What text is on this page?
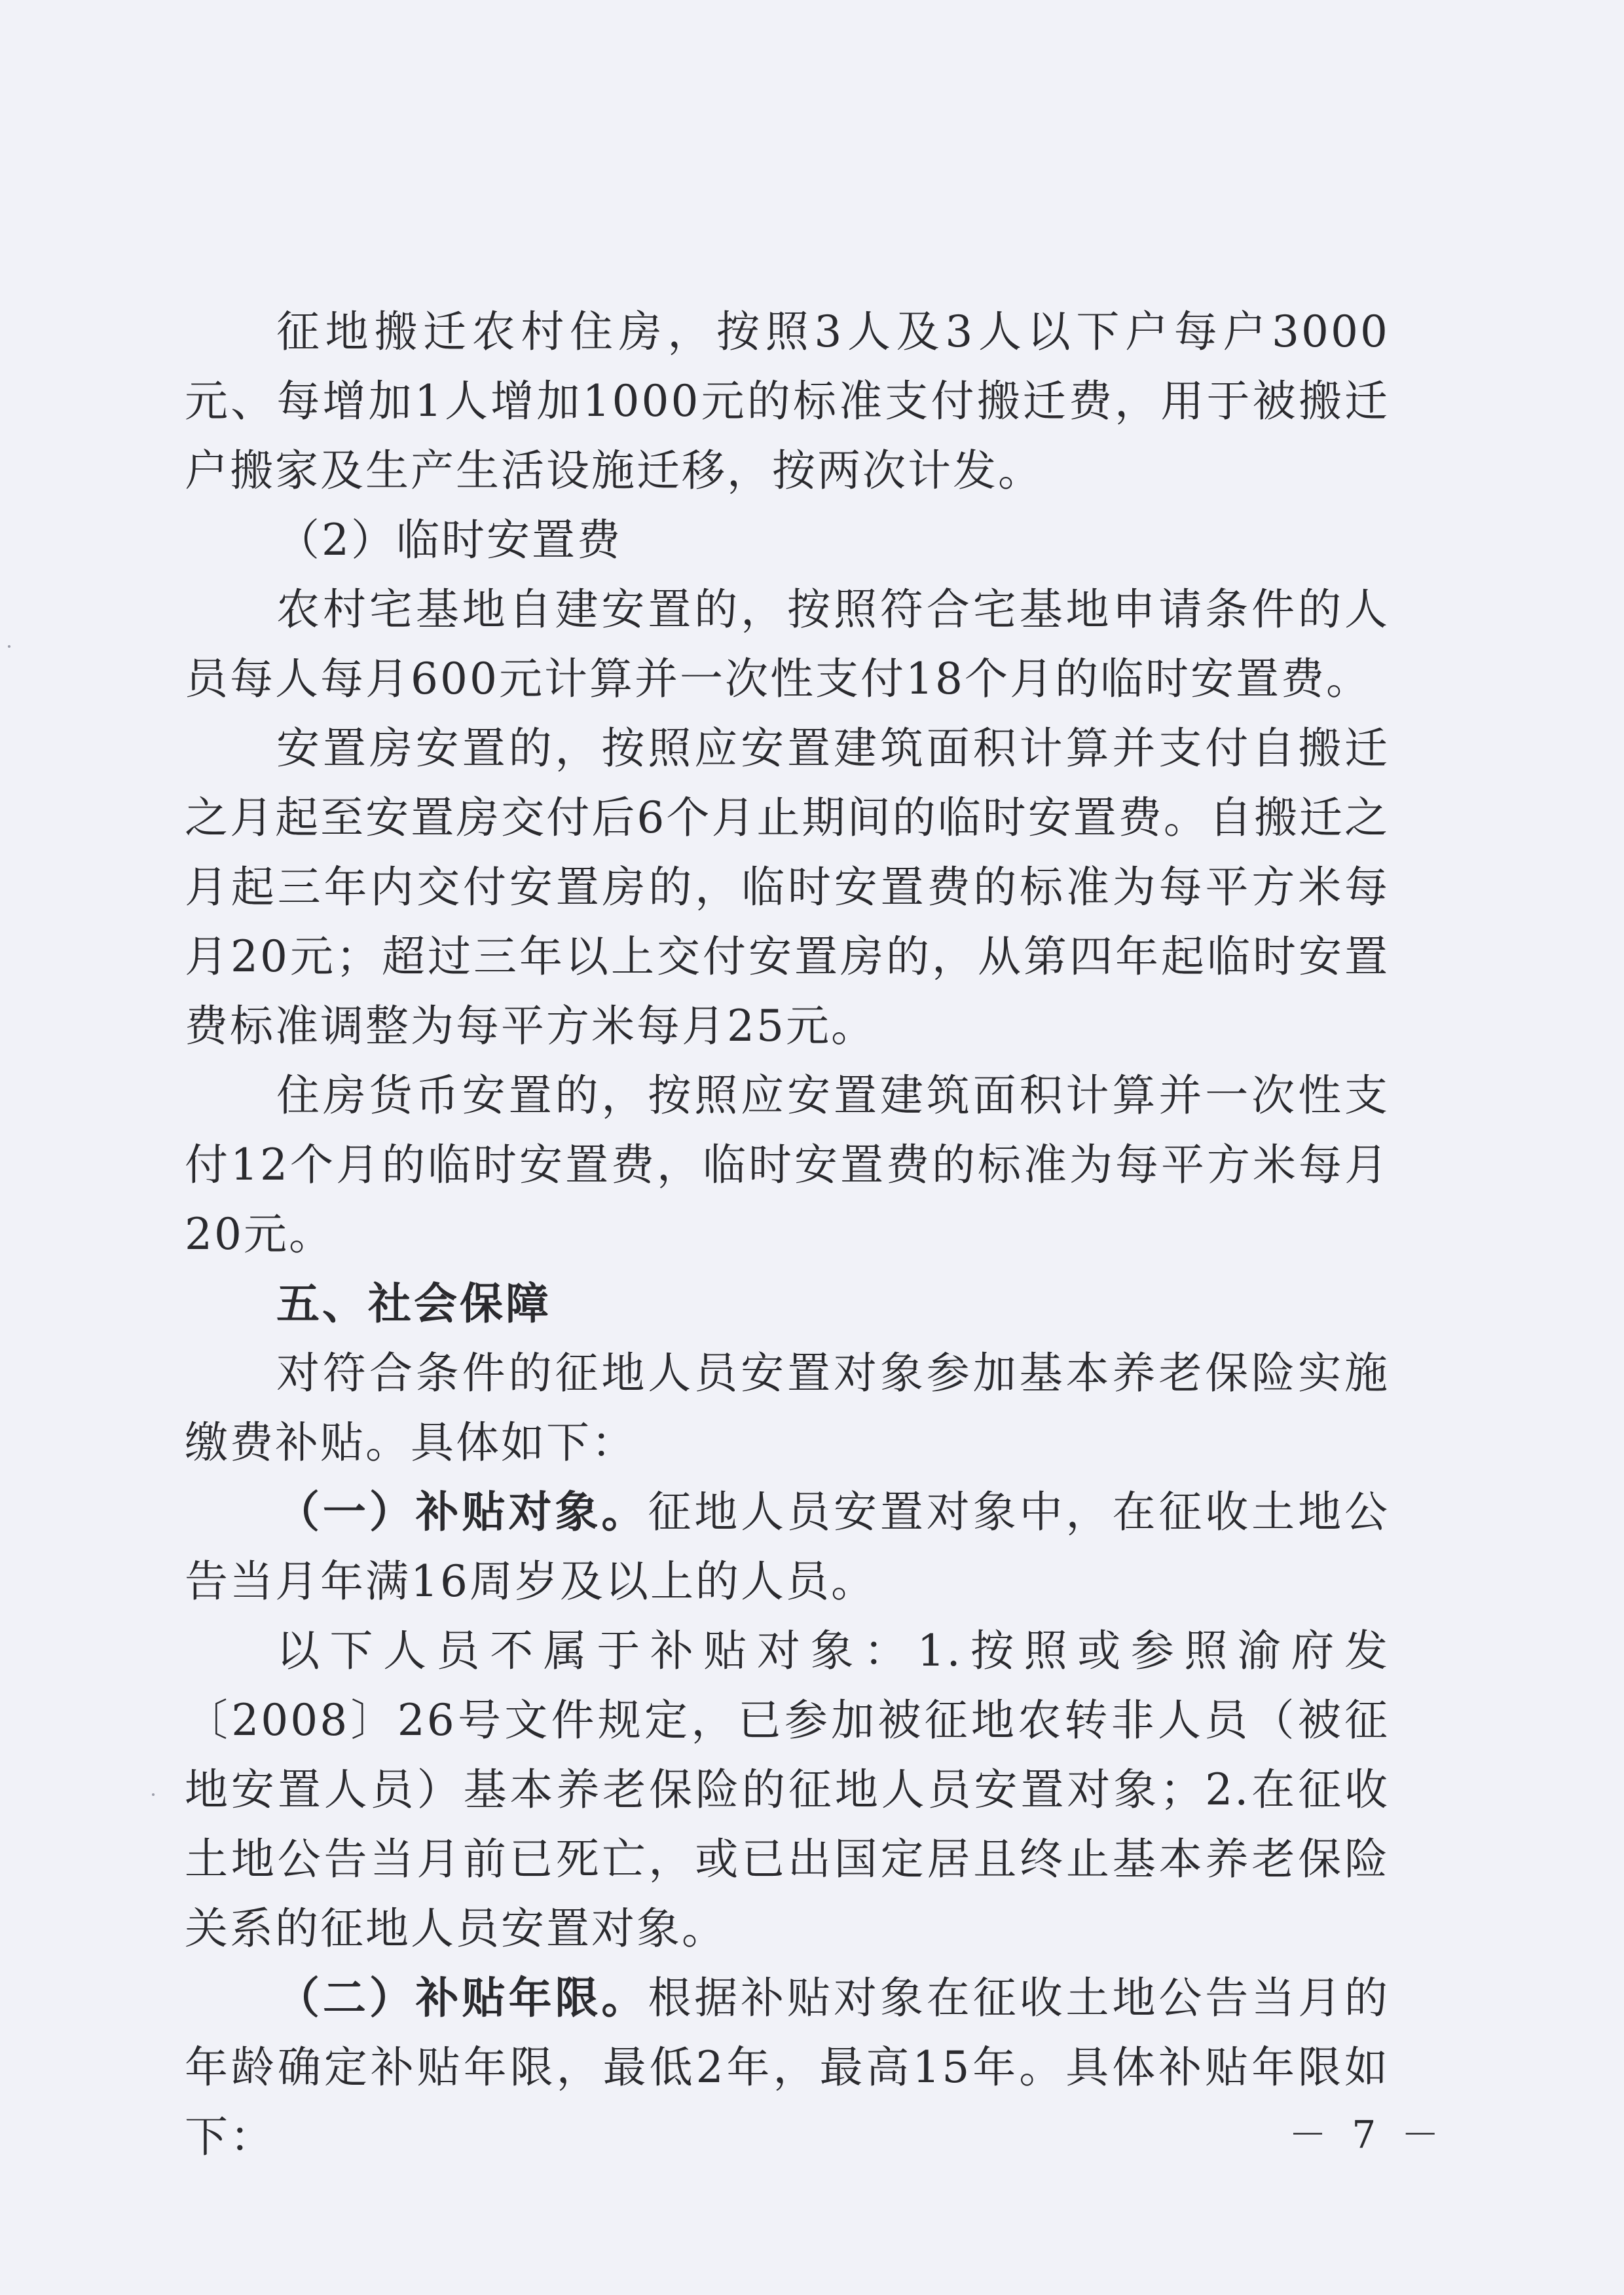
征地搬迁农村住房，按照3人及3人以下户每户3000元、每增加1人增加1000元的标准支付搬迁费，用于被搬迁户搬家及生产生活设施迁移，按两次计发。

（2）临时安置费

农村宅基地自建安置的，按照符合宅基地申请条件的人员每人每月600元计算并一次性支付18个月的临时安置费。

安置房安置的，按照应安置建筑面积计算并支付自搬迁之月起至安置房交付后6个月止期间的临时安置费。自搬迁之月起三年内交付安置房的，临时安置费的标准为每平方米每月20元；超过三年以上交付安置房的，从第四年起临时安置费标准调整为每平方米每月25元。

住房货币安置的，按照应安置建筑面积计算并一次性支付12个月的临时安置费，临时安置费的标准为每平方米每月20元。

五、社会保障

对符合条件的征地人员安置对象参加基本养老保险实施缴费补贴。具体如下：

（一）补贴对象。征地人员安置对象中，在征收土地公告当月年满16周岁及以上的人员。

以下人员不属于补贴对象：1.按照或参照渝府发〔2008〕26号文件规定，已参加被征地农转非人员（被征地安置人员）基本养老保险的征地人员安置对象；2.在征收土地公告当月前已死亡，或已出国定居且终止基本养老保险关系的征地人员安置对象。

（二）补贴年限。根据补贴对象在征收土地公告当月的年龄确定补贴年限，最低2年，最高15年。具体补贴年限如下：	－ 7 －
